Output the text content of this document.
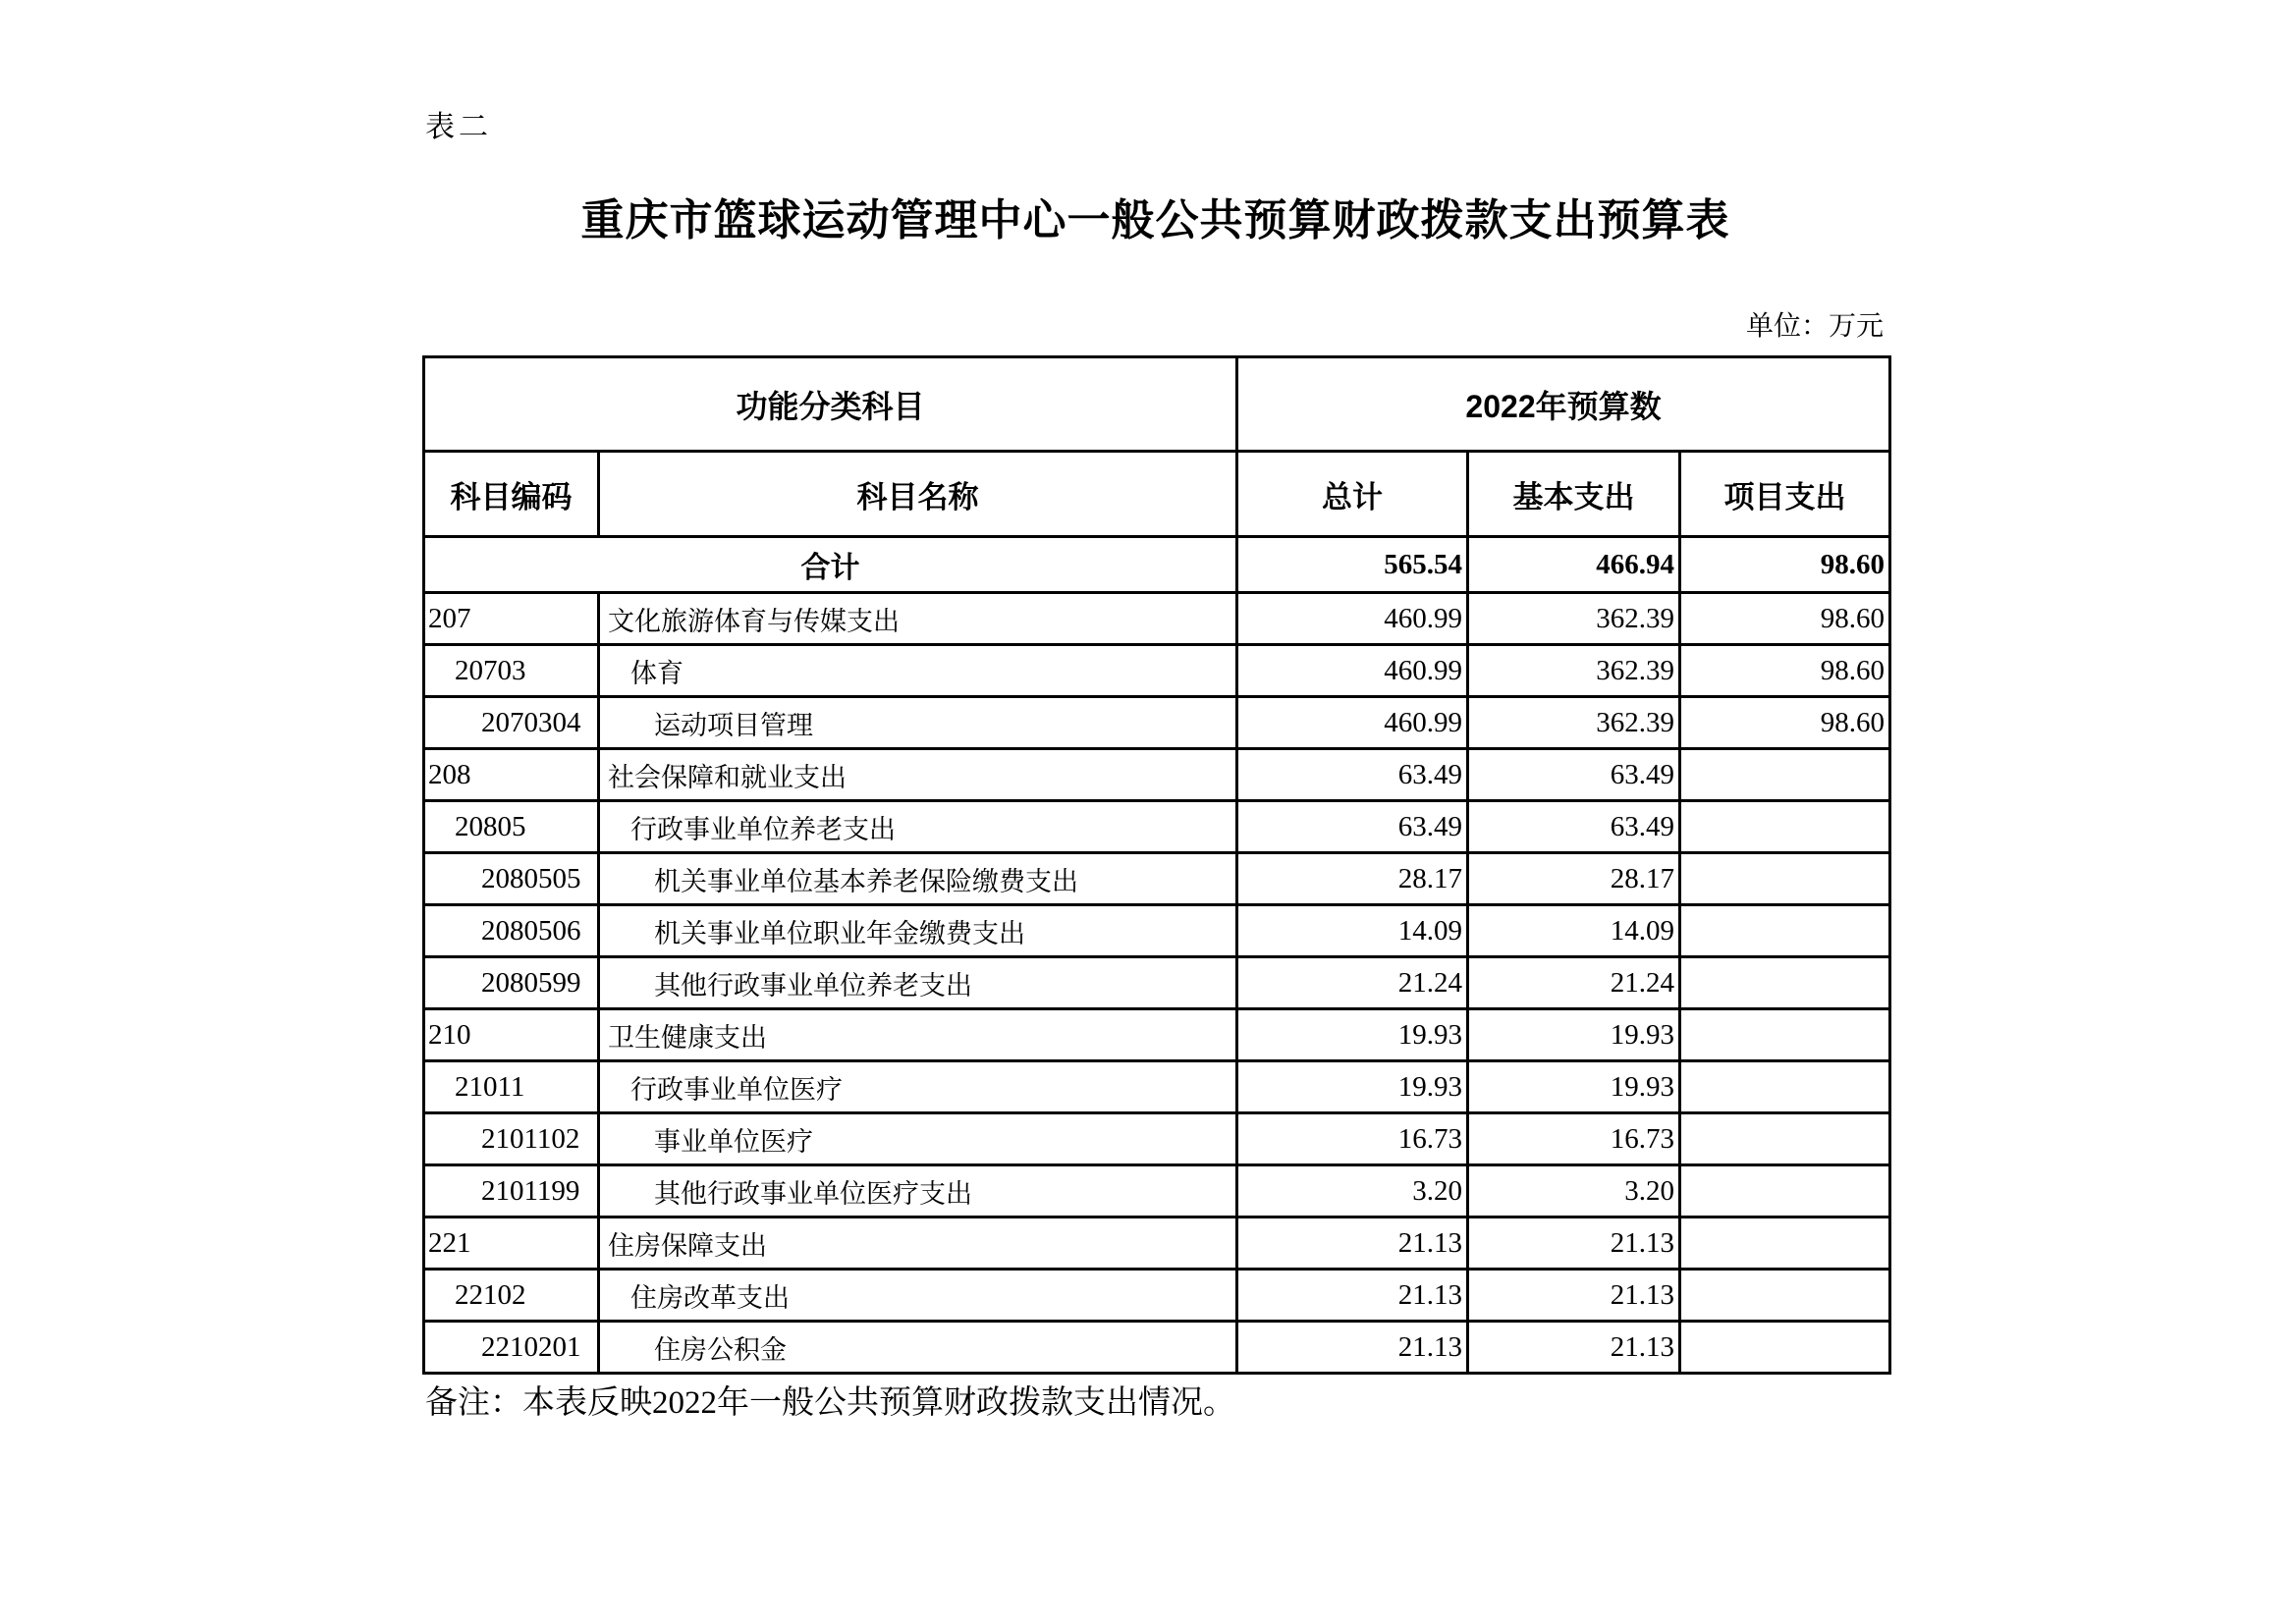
表二
重庆市篮球运动管理中心一般公共预算财政拨款支出预算表
单位：万元
功能分类科目		2022年预算数		
科目编码	科目名称	总计	基本支出	项目支出
合计		565.54	466.94	98.60
207	文化旅游体育与传媒支出	460.99	362.39	98.60
20703	体育	460.99	362.39	98.60
2070304	运动项目管理	460.99	362.39	98.60
208	社会保障和就业支出	63.49	63.49	
20805	行政事业单位养老支出	63.49	63.49	
2080505	机关事业单位基本养老保险缴费支出	28.17	28.17	
2080506	机关事业单位职业年金缴费支出	14.09	14.09	
2080599	其他行政事业单位养老支出	21.24	21.24	
210	卫生健康支出	19.93	19.93	
21011	行政事业单位医疗	19.93	19.93	
2101102	事业单位医疗	16.73	16.73	
2101199	其他行政事业单位医疗支出	3.20	3.20	
221	住房保障支出	21.13	21.13	
22102	住房改革支出	21.13	21.13	
2210201	住房公积金	21.13	21.13	
备注：本表反映2022年一般公共预算财政拨款支出情况。
